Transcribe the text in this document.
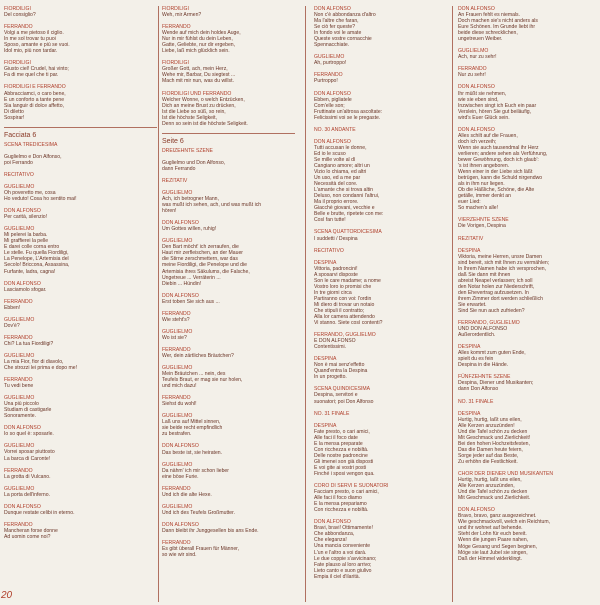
FIORDILIGI
Del consiglio?
FERRANDO
Volgi a me pietoso il ciglio.
In me sol trovar tu puoi
Sposo, amante e più se vuoi.
Idol mio, più non tardar.
FIORDILIGI
Giusto ciel! Crudel, hai vinto;
Fa di me quel che ti par.
FIORDILIGI E FERRANDO
Abbracciamci, o caro bene,
E un conforto a tante pene
Sia languir di dolce affetto,
Di diletto
Sospirar!
Facciata 6
SCENA TREDICESIMA
Guglielmo e Don Alfonso,
poi Ferrando
RECITATIVO
GUGLIELMO
Oh poveretto me, cosa
Ho veduto! Cosa ho sentito mai!
DON ALFONSO
Per carità, silenzio!
GUGLIELMO
Mi pelerei la barba.
Mi graffierei la pelle
E darei colle corna entro
Le stelle. Fu quella Fiordiligi,
La Penelope, L'Artemisia del
Secolo! Briccona, Assassina,
Furfante, ladra, cagna!
DON ALFONSO
Lasciamolo sfogar.
FERRANDO
Ebben!
GUGLIELMO
Dov'è?
FERRANDO
Chi? La tua Fiordiligi?
GUGLIELMO
La mia Fior, fior di diavolo,
Che strozzi lei prima e dopo me!
FERRANDO
Tu vedi bene
GUGLIELMO
Una più piccolo
Studiam di castigarle
Sonoramente.
DON ALFONSO
Io so quel è: sposarle.
GUGLIELMO
Vorrei sposar piuttosto
La barca di Caronte!
FERRANDO
La grotta di Vulcano.
GUGLIELMO
La porta dell'inferno.
DON ALFONSO
Dunque restate celibi in eterno.
FERRANDO
Mancheran forse donne
Ad uomin come noi?
FIORDILIGI
Weh, mir Armen?
FERRANDO
Wende auf mich dein holdes Auge,
Nur in mir fühlst du dein Leben,
Gatte, Geliebte, nur dir ergeben,
Liebe, laß mich glücklich sein.
FIORDILIGI
Großer Gott, ach, mein Herz,
Wehe mir, Barbar, Du siegtest ...
Mach mit mir nun, was du willst.
FIORDILIGI UND FERRANDO
Welcher Wonne, o welch Entzücken,
Dich an meine Brust zu drücken,
Ist die Liebe so süß, so rein,
Ist die höchste Seligkeit,
Denn so sein ist die höchste Seligkeit.
Seite 6
DREIZEHNTE SZENE
Guglielmo und Don Alfonso,
dann Ferrando
REZITATIV
GUGLIELMO
Ach, ich betrogner Mann,
was mußt ich sehen, ach, und was mußt ich
hören!
DON ALFONSO
Um Gottes willen, ruhig!
GUGLIELMO
Den Bart möcht' ich zerraufen, die
Haut mir zerfleischen, an der Mauer
die Stirne zerschmettern, war das
meine Fiordiligi, die Penelope und die
Artemisia ihres Säkulums, die Falsche,
Ungetreue ... Verräterin ...
Diebin ... Hündin!
DON ALFONSO
Erst toben Sie sich aus ...
FERRANDO
Wie steht's?
GUGLIELMO
Wo ist sie?
FERRANDO
Wer, dein zärtliches Bräutchen?
GUGLIELMO
Mein Bräutchen ... nein, des
Teufels Braut, er mag sie nur holen,
und mich dazu!
FERRANDO
Siehst du wohl!
GUGLIELMO
Laß uns auf Mittel sinnen,
sie beide recht empfindlich
zu bestrafen.
DON ALFONSO
Das beste ist, sie heiraten.
GUGLIELMO
Da nähm' ich mir schon lieber
eine böse Furie.
FERRANDO
Und ich die alte Hexe.
GUGLIELMO
Und ich des Teufels Großmutter.
DON ALFONSO
Dann bleibt ihr Junggesellen bis ans Ende.
FERRANDO
Es gibt überall Frauen für Männer,
so wie wir sind.
DON ALFONSO
Non c'è abbondanza d'altro
Ma l'altre che faran,
Se ciò fer queste?
In fondo voi le amate
Queste vostre cornacchie
Spennacchiate.
GUGLIELMO
Ah, purtroppo!
FERRANDO
Purtroppo!
DON ALFONSO
Ebben, pigliatele
Com'elle son;
Fruttinate un'altrosa ascoltate:
Felicissimi voi se le pregaste.
NO. 30 ANDANTE
DON ALFONSO
Tutti accusan le donne,
Ed io le scuso
Se mille volte al dì
Cangiano amore; altri un
Vizio lo chiama, ed altri
Un uso, ed a me par
Necessità del core.
L'amante che si trova altin
Deluso, non condanni l'altrui,
Ma il proprio errore.
Giacchè giovani, vecchie e
Belle e brutte, ripetete con me:
Così fan tutte!
SCENA QUATTORDICESIMA
I suddetti / Despina
RECITATIVO
DESPINA
Vittoria, padroncini!
A sposarvi disposte
Son le care madame; a nome
Vostro loro io promisi che
In tre giorni circa
Partiranno con voi: l'ordin
Mi diero di trovar un notaio
Che stipuli il contratto;
Alla lor camera attendendo
Vi stanno. Siete così contenti?
FERRANDO, GUGLIELMO
E DON ALFONSO
Contentissimi.
DESPINA
Non è mai senz'effetto
Quand'entra la Despina
In un progetto.
SCENA QUINDICESIMA
Despina, servitori e
suonatori; poi Don Alfonso
NO. 31 FINALE
DESPINA
Fate presto, o cari amici,
Alle faci il foco date
E la mensa preparate
Con ricchezza e nobiltà.
Delle nostre padroncine
Gli imenei son già disposti
E voi gite ai vostri posti
Finché i sposi vengon qua.
CORO DI SERVI E SUONATORI
Facciam presto, o cari amici,
Alle faci il foco diamo
E la mensa prepariamo
Con ricchezza e nobiltà.
DON ALFONSO
Bravi, bravi! Ottimamente!
Che abbondanza,
Che eleganza!
Una mancia conveniente
L'un e l'altro a voi darà.
Le due coppie s'avvicinano;
Fate plauso al loro arrivo;
Lieto canto e suon giulivo
Empia il ciel d'ilarità.
DON ALFONSO
An Frauen fehlt es niemals.
Doch machen sie's nicht anders als
Eure Schönen. Im Grunde liebt ihr
beide diese schrecklichen,
ungetreuen Weiber.
GUGLIELMO
Ach, nur zu sehr!
FERRANDO
Nur zu sehr!
DON ALFONSO
Ihr müßt sie nehmen,
wie sie eben sind,
Inzwischen singt ich Euch ein paar
Verslein, hören Sie gut beiläufig,
wird's Euer Glück sein.
DON ALFONSO
Alles schilt auf die Frauen,
doch ich verzeih;
Wenn sie auch tausendmal ihr Herz
verlieren; andere sehen als Verführung,
bewer Gewöhnung, doch ich glaub':
's ist ihnen angeboren.
Wenn einer in der Liebe sich läßt
betrügen, kann die Schuld nirgendwo
als in ihm nur liegen.
Ob die Häßliche, Schöne, die Alte
getälle, immer denkt an
euer Lied:
So machen's alle!
VIERZEHNTE SZENE
Die Vorigen, Despina
REZITATIV
DESPINA
Viktoria, meine Herren, unsre Damen
sind bereit, sich mit Ihnen zu vermählen;
In Ihrem Namen habe ich versprochen,
daß Sie dann mit ihnen
abreist Neapel verlassen; ich soll
den Notar holen zur Niederschrift,
den Ehevertrag aufzusetzen. In
ihrem Zimmer dort werden schließlich
Sie erwartet.
Sind Sie nun auch zufrieden?
FERRANDO, GUGLIELMO
UND DON ALFONSO
Außerordentlich.
DESPINA
Alles kommt zum guten Ende,
spielt du es fein
Despina in die Hände.
FÜNFZEHNTE SZENE
Despina, Diener und Musikanten;
dann Don Alfonso
NO. 31 FINALE
DESPINA
Hurtig, hurtig, laßt uns eilen,
Alle Kerzen anzuzünden!
Und die Tafel schön zu decken
Mit Geschmack und Zierlichkeit!
Bei den hohen Hochzeitsfesten,
Das die Damen heute feiern,
Sorge jeder auf das Beste,
Zu erhöhn die Festlichkeit.
CHOR DER DIENER UND MUSIKANTEN
Hurtig, hurtig, laßt uns eilen,
Alle Kerzen anzuzünden,
Und die Tafel schön zu decken
Mit Geschmack und Zierlichkeit.
DON ALFONSO
Bravo, bravo, ganz ausgezeichnet.
Wie geschmackvoll, welch ein Reichtum,
und ihr wohnet auf behende.
Steht der Lohn für euch bereit.
Wenn die jungen Paare nahen,
Möge Gesang und Segen beginen,
Möge sie laut Jubel sie singen,
Daß der Himmel widerklingt.
20
